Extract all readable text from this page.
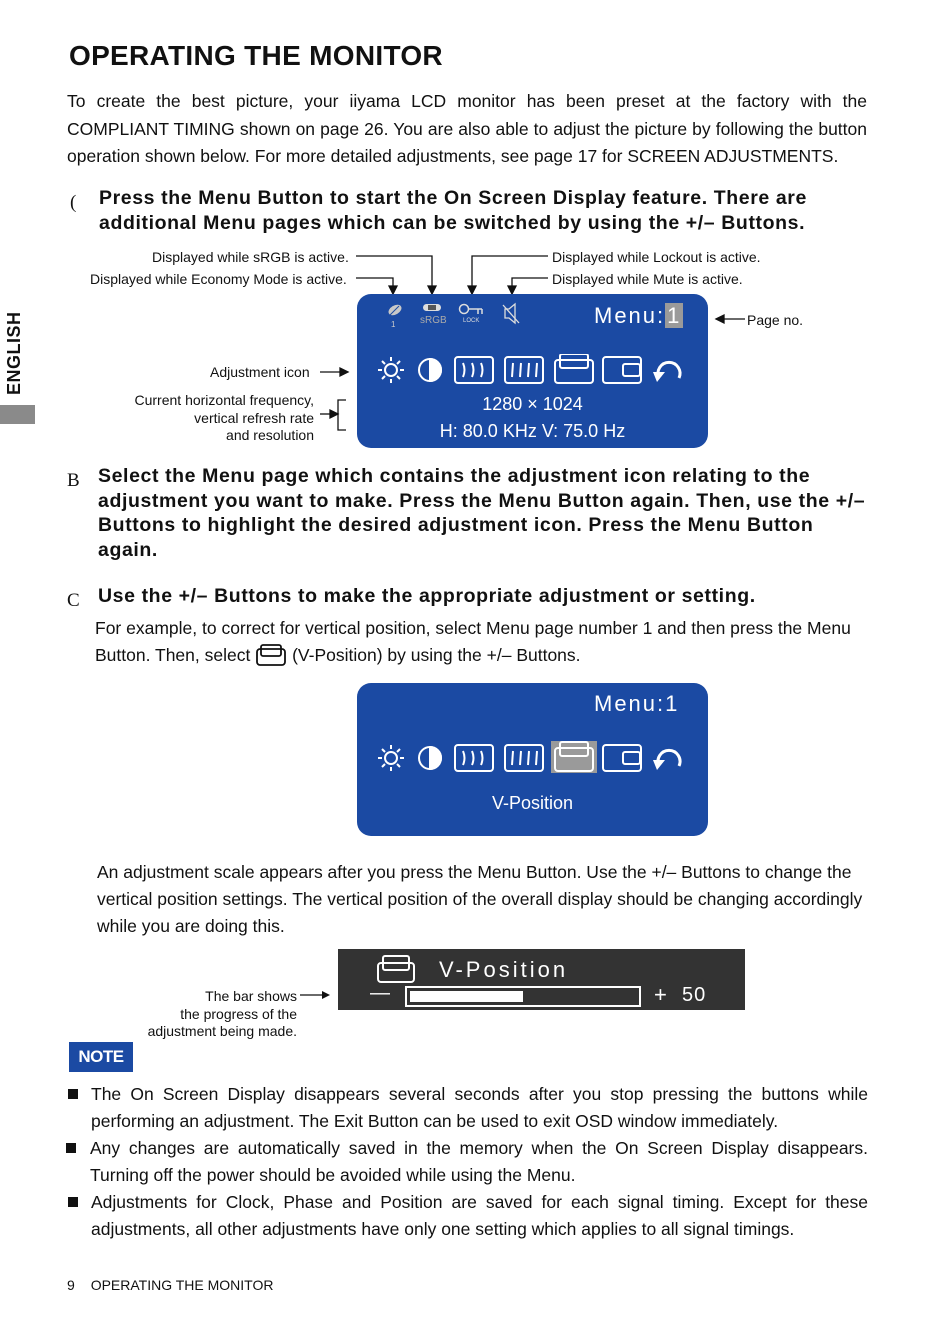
OPERATING THE MONITOR
To create the best picture, your iiyama LCD monitor has been preset at the factory with the COMPLIANT TIMING shown on page 26. You are also able to adjust the picture by following the button operation shown below. For more detailed adjustments, see page 17 for SCREEN ADJUSTMENTS.
ENGLISH
( Press the Menu Button to start the On Screen Display feature. There are additional Menu pages which can be switched by using the +/– Buttons.
Displayed while sRGB is active.
Displayed while Economy Mode is active.
Displayed while Lockout is active.
Displayed while Mute is active.
Page no.
Adjustment icon
Current horizontal frequency,
vertical refresh rate
and resolution
1 sRGB	LOCK	Menu:1
1280 × 1024
H: 80.0 KHz V: 75.0 Hz
B Select the Menu page which contains the adjustment icon relating to the adjustment you want to make. Press the Menu Button again. Then, use the +/– Buttons to highlight the desired adjustment icon. Press the Menu Button again.
C Use the +/– Buttons to make the appropriate adjustment or setting.
For example, to correct for vertical position, select Menu page number 1 and then press the Menu Button. Then, select (V-Position) by using the +/– Buttons.
Menu:1
V-Position
An adjustment scale appears after you press the Menu Button. Use the +/– Buttons to change the vertical position settings. The vertical position of the overall display should be changing accordingly while you are doing this.
V-Position
—	+ 50
The bar shows
the progress of the
adjustment being made.
NOTE
The On Screen Display disappears several seconds after you stop pressing the buttons while performing an adjustment. The Exit Button can be used to exit OSD window immediately.
Any changes are automatically saved in the memory when the On Screen Display disappears. Turning off the power should be avoided while using the Menu.
Adjustments for Clock, Phase and Position are saved for each signal timing. Except for these adjustments, all other adjustments have only one setting which applies to all signal timings.
9 OPERATING THE MONITOR
